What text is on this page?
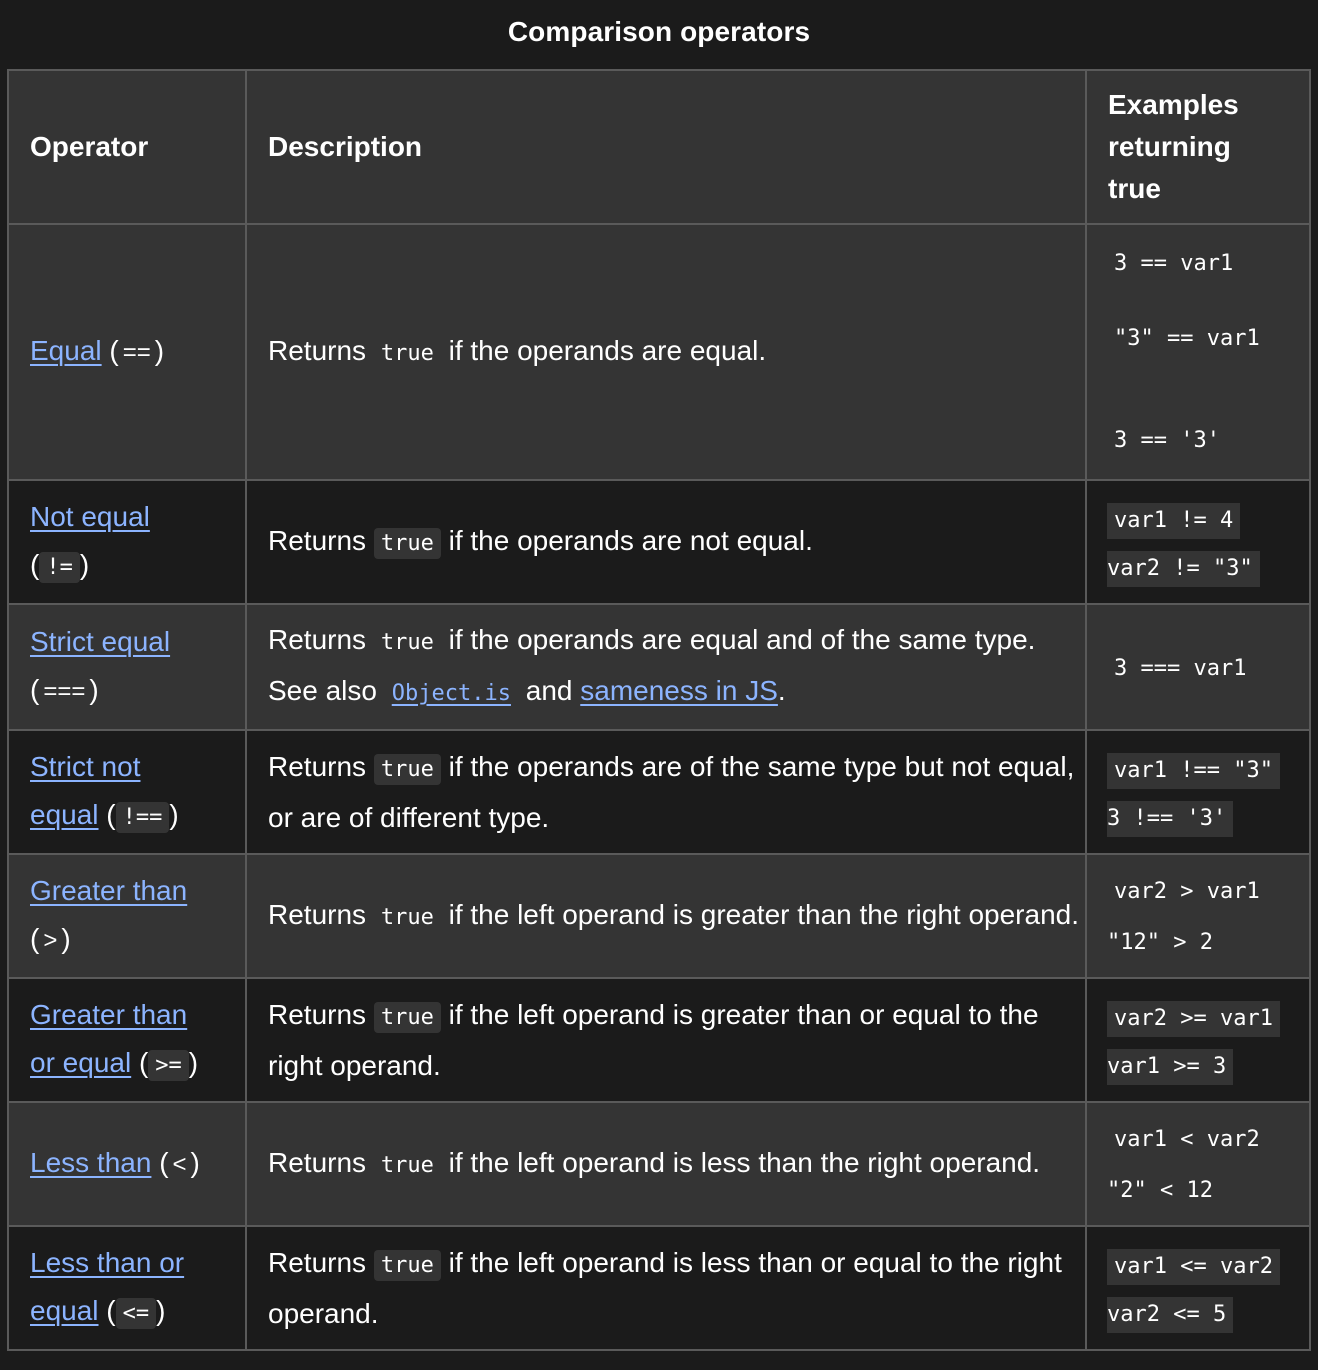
Comparison operators
Operator	Description	Examples returning true
Equal ( == )	Returns true if the operands are equal.	3 == var1
"3" == var1
3 == '3'

Not equal
( != )	Returns true if the operands are not equal.	var1 != 4
var2 != "3"

Strict equal
( === )	Returns true if the operands are equal and of the same type. See also Object.is and sameness in JS.	3 === var1
Strict not
equal ( !== )	Returns true if the operands are of the same type but not equal, or are of different type.	var1 !== "3"
3 !== '3'

Greater than
( > )	Returns true if the left operand is greater than the right operand.	var2 > var1
"12" > 2

Greater than
or equal ( >= )	Returns true if the left operand is greater than or equal to the right operand.	var2 >= var1
var1 >= 3

Less than ( < )	Returns true if the left operand is less than the right operand.	var1 < var2
"2" < 12

Less than or
equal ( <= )	Returns true if the left operand is less than or equal to the right operand.	var1 <= var2
var2 <= 5
